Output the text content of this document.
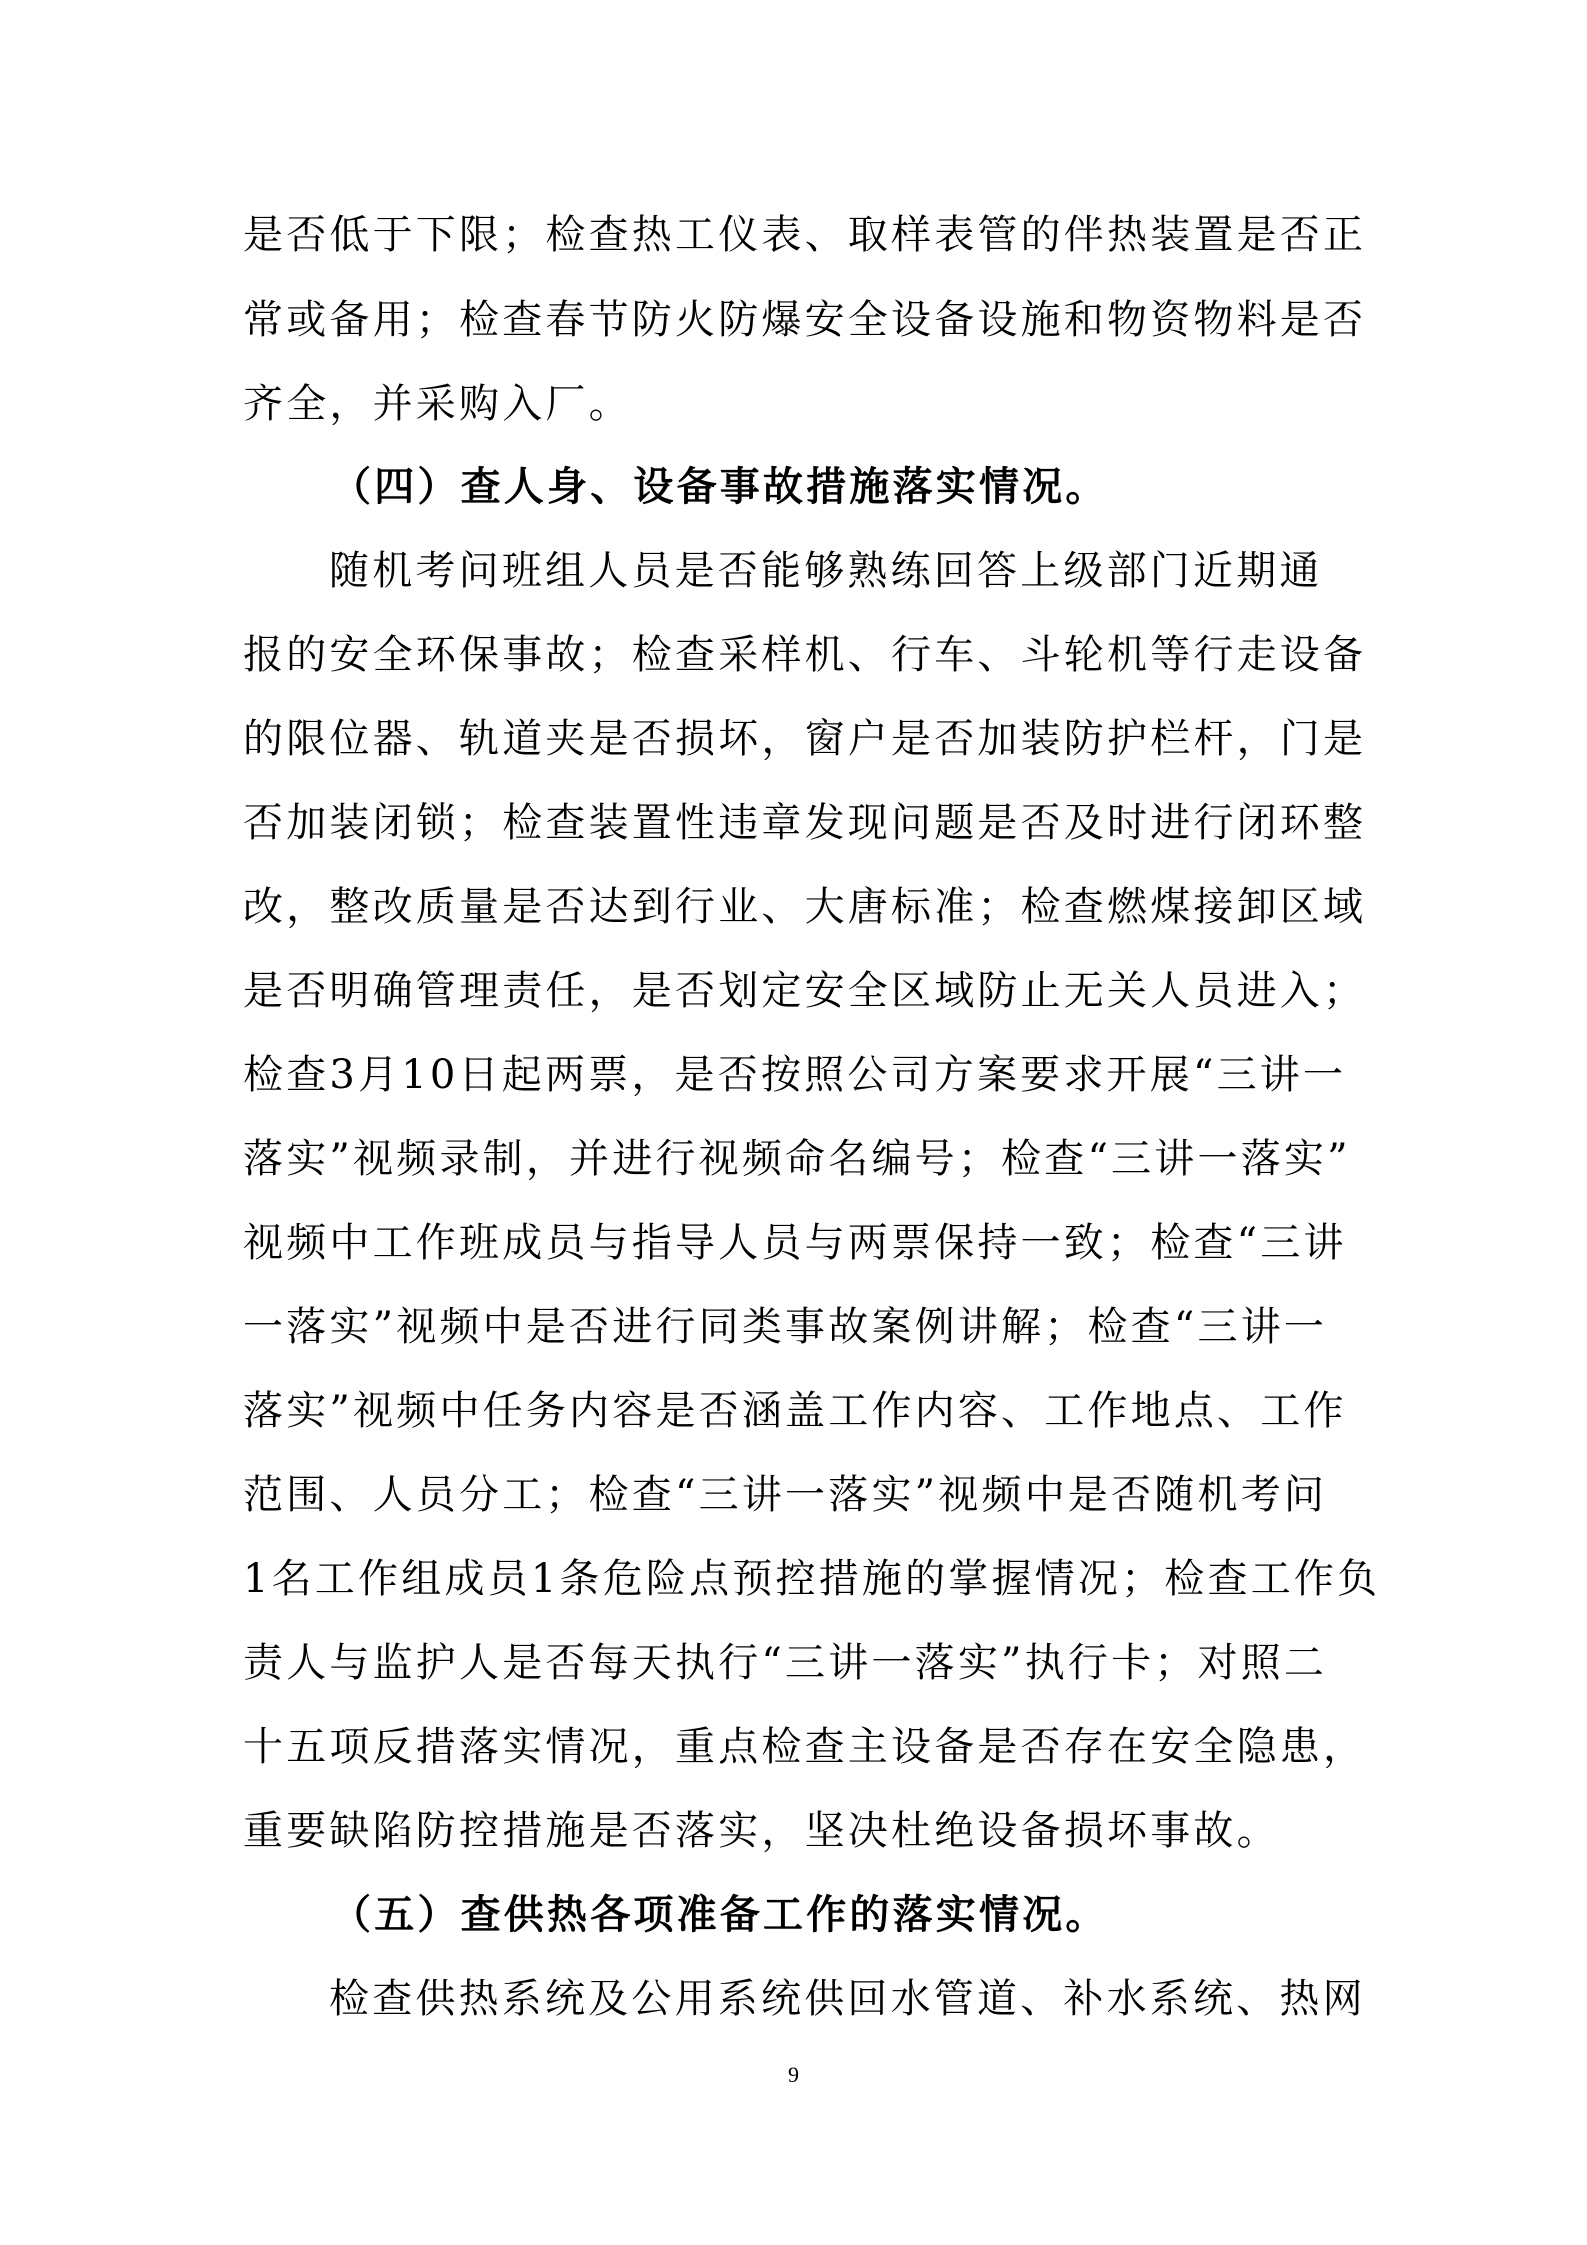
是否低于下限；检查热工仪表、取样表管的伴热装置是否正
常或备用；检查春节防火防爆安全设备设施和物资物料是否
齐全，并采购入厂。
（四）查人身、设备事故措施落实情况。
随机考问班组人员是否能够熟练回答上级部门近期通
报的安全环保事故；检查采样机、行车、斗轮机等行走设备
的限位器、轨道夹是否损坏，窗户是否加装防护栏杆，门是
否加装闭锁；检查装置性违章发现问题是否及时进行闭环整
改，整改质量是否达到行业、大唐标准；检查燃煤接卸区域
是否明确管理责任，是否划定安全区域防止无关人员进入；
检查3月10日起两票，是否按照公司方案要求开展“三讲一
落实”视频录制，并进行视频命名编号；检查“三讲一落实”
视频中工作班成员与指导人员与两票保持一致；检查“三讲
一落实”视频中是否进行同类事故案例讲解；检查“三讲一
落实”视频中任务内容是否涵盖工作内容、工作地点、工作
范围、人员分工；检查“三讲一落实”视频中是否随机考问
1名工作组成员1条危险点预控措施的掌握情况；检查工作负
责人与监护人是否每天执行“三讲一落实”执行卡；对照二
十五项反措落实情况，重点检查主设备是否存在安全隐患，
重要缺陷防控措施是否落实，坚决杜绝设备损坏事故。
（五）查供热各项准备工作的落实情况。
检查供热系统及公用系统供回水管道、补水系统、热网
9
